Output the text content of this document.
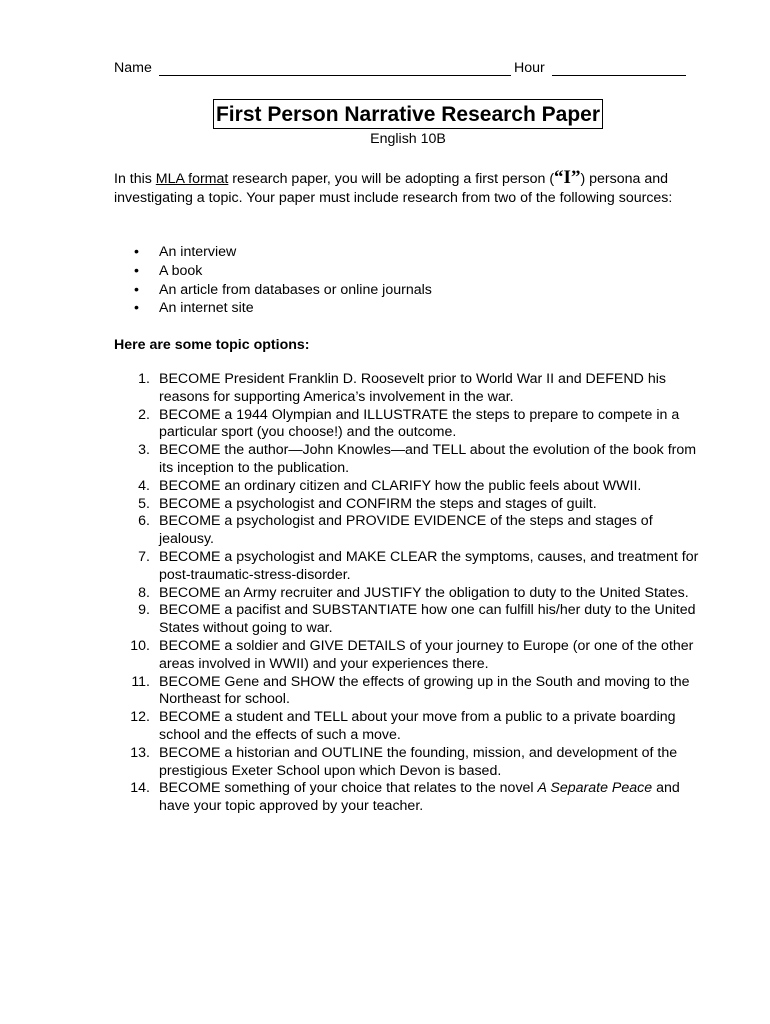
Name	Hour
First Person Narrative Research Paper
English 10B
In this MLA format research paper, you will be adopting a first person (“I”) persona and investigating a topic. Your paper must include research from two of the following sources:
• An interview
• A book
• An article from databases or online journals
• An internet site
Here are some topic options:
1. BECOME President Franklin D. Roosevelt prior to World War II and DEFEND his reasons for supporting America’s involvement in the war.
2. BECOME a 1944 Olympian and ILLUSTRATE the steps to prepare to compete in a particular sport (you choose!) and the outcome.
3. BECOME the author—John Knowles—and TELL about the evolution of the book from its inception to the publication.
4. BECOME an ordinary citizen and CLARIFY how the public feels about WWII.
5. BECOME a psychologist and CONFIRM the steps and stages of guilt.
6. BECOME a psychologist and PROVIDE EVIDENCE of the steps and stages of jealousy.
7. BECOME a psychologist and MAKE CLEAR the symptoms, causes, and treatment for post-traumatic-stress-disorder.
8. BECOME an Army recruiter and JUSTIFY the obligation to duty to the United States.
9. BECOME a pacifist and SUBSTANTIATE how one can fulfill his/her duty to the United States without going to war.
10. BECOME a soldier and GIVE DETAILS of your journey to Europe (or one of the other areas involved in WWII) and your experiences there.
11. BECOME Gene and SHOW the effects of growing up in the South and moving to the Northeast for school.
12. BECOME a student and TELL about your move from a public to a private boarding school and the effects of such a move.
13. BECOME a historian and OUTLINE the founding, mission, and development of the prestigious Exeter School upon which Devon is based.
14. BECOME something of your choice that relates to the novel A Separate Peace and have your topic approved by your teacher.
